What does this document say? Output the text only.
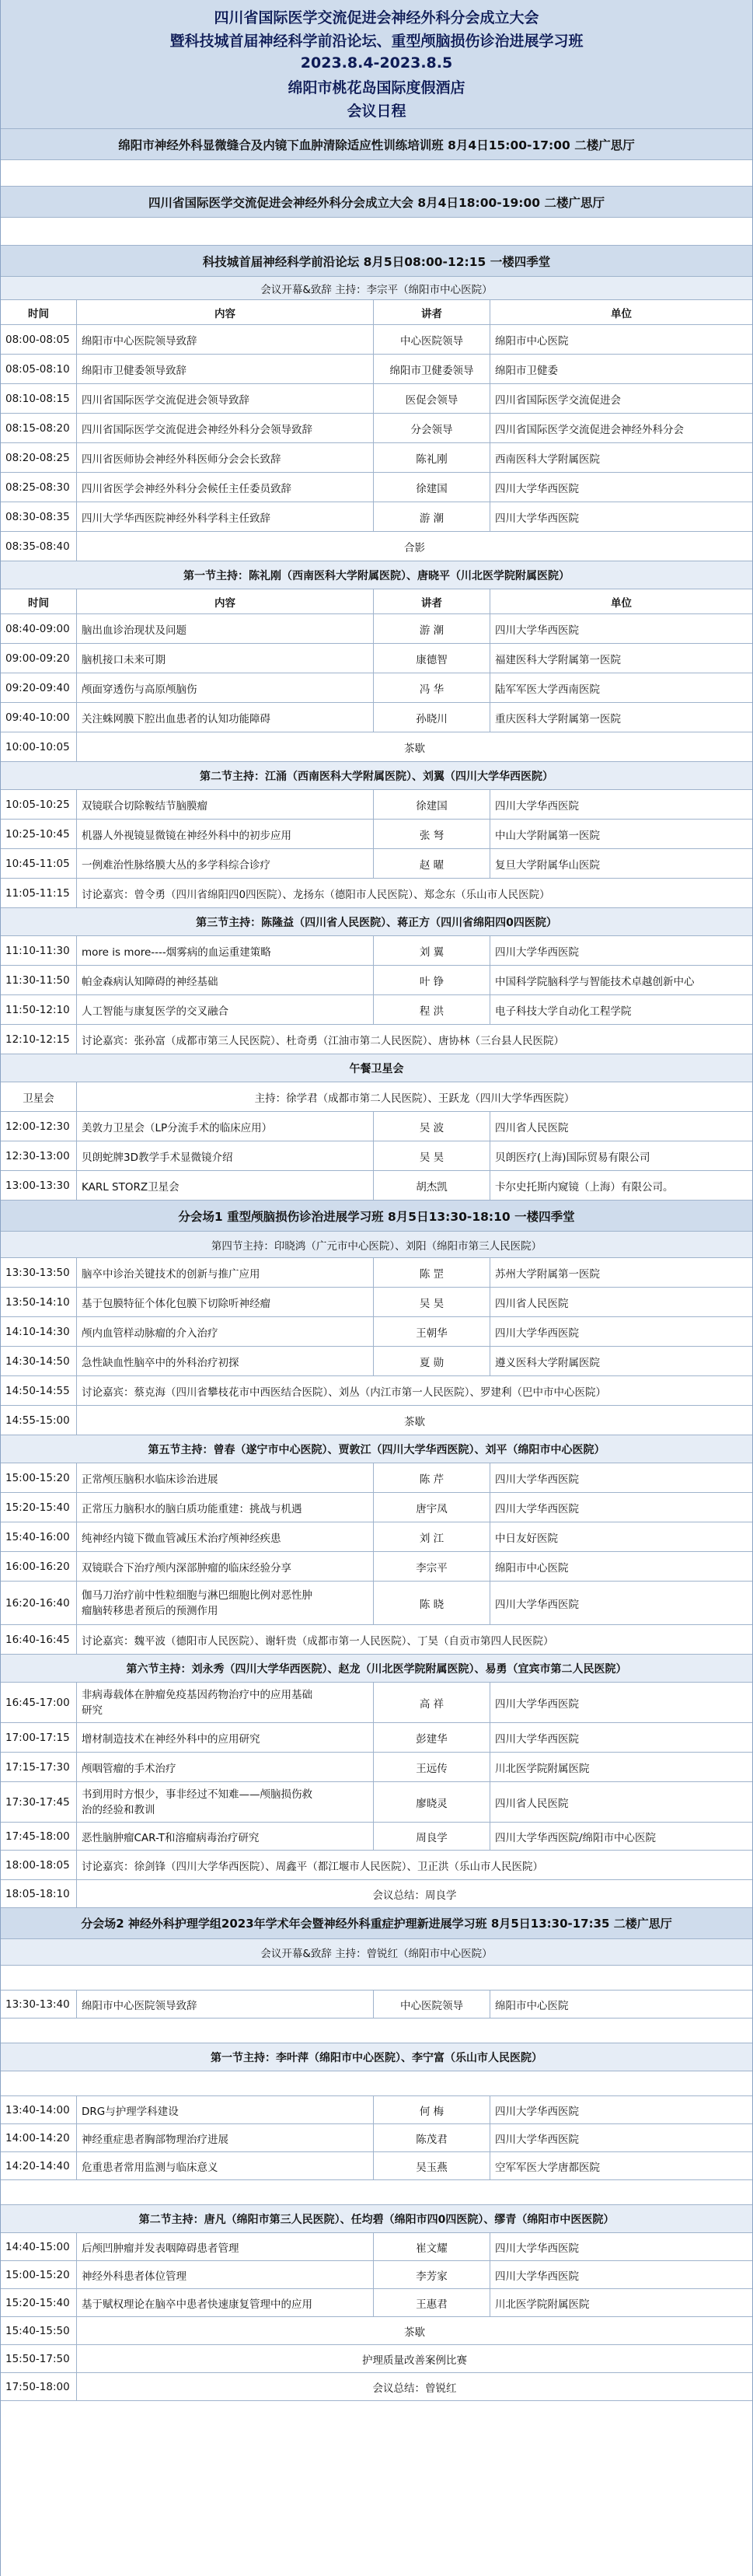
四川省国际医学交流促进会神经外科分会成立大会
暨科技城首届神经科学前沿论坛、重型颅脑损伤诊治进展学习班
2023.8.4-2023.8.5
绵阳市桃花岛国际度假酒店
会议日程
绵阳市神经外科显微缝合及内镜下血肿清除适应性训练培训班 8月4日15:00-17:00 二楼广思厅
四川省国际医学交流促进会神经外科分会成立大会 8月4日18:00-19:00 二楼广思厅
科技城首届神经科学前沿论坛 8月5日08:00-12:15 一楼四季堂
会议开幕&致辞 主持：李宗平（绵阳市中心医院）
时间	内容	讲者	单位
08:00-08:05	绵阳市中心医院领导致辞	中心医院领导	绵阳市中心医院
08:05-08:10	绵阳市卫健委领导致辞	绵阳市卫健委领导	绵阳市卫健委
08:10-08:15	四川省国际医学交流促进会领导致辞	医促会领导	四川省国际医学交流促进会
08:15-08:20	四川省国际医学交流促进会神经外科分会领导致辞	分会领导	四川省国际医学交流促进会神经外科分会
08:20-08:25	四川省医师协会神经外科医师分会会长致辞	陈礼刚	西南医科大学附属医院
08:25-08:30	四川省医学会神经外科分会候任主任委员致辞	徐建国	四川大学华西医院
08:30-08:35	四川大学华西医院神经外科学科主任致辞	游 潮	四川大学华西医院
08:35-08:40	合影
第一节主持：陈礼刚（西南医科大学附属医院）、唐晓平（川北医学院附属医院）
时间	内容	讲者	单位
08:40-09:00	脑出血诊治现状及问题	游 潮	四川大学华西医院
09:00-09:20	脑机接口未来可期	康德智	福建医科大学附属第一医院
09:20-09:40	颅面穿透伤与高原颅脑伤	冯 华	陆军军医大学西南医院
09:40-10:00	关注蛛网膜下腔出血患者的认知功能障碍	孙晓川	重庆医科大学附属第一医院
10:00-10:05	茶歇
第二节主持：江涌（西南医科大学附属医院）、刘翼（四川大学华西医院）
10:05-10:25	双镜联合切除鞍结节脑膜瘤	徐建国	四川大学华西医院
10:25-10:45	机器人外视镜显微镜在神经外科中的初步应用	张 弩	中山大学附属第一医院
10:45-11:05	一例难治性脉络膜大丛的多学科综合诊疗	赵 曜	复旦大学附属华山医院
11:05-11:15	讨论嘉宾：曾令勇（四川省绵阳四0四医院）、龙扬东（德阳市人民医院）、郑念东（乐山市人民医院）
第三节主持：陈隆益（四川省人民医院）、蒋正方（四川省绵阳四0四医院）
11:10-11:30	more is more----烟雾病的血运重建策略	刘 翼	四川大学华西医院
11:30-11:50	帕金森病认知障碍的神经基础	叶 铮	中国科学院脑科学与智能技术卓越创新中心
11:50-12:10	人工智能与康复医学的交叉融合	程 洪	电子科技大学自动化工程学院
12:10-12:15	讨论嘉宾：张孙富（成都市第三人民医院）、杜奇勇（江油市第二人民医院）、唐协林（三台县人民医院）
午餐卫星会
卫星会	主持：徐学君（成都市第二人民医院）、王跃龙（四川大学华西医院）
12:00-12:30	美敦力卫星会（LP分流手术的临床应用）	吴 波	四川省人民医院
12:30-13:00	贝朗蛇牌3D教学手术显微镜介绍	吴 昊	贝朗医疗(上海)国际贸易有限公司
13:00-13:30	KARL STORZ卫星会	胡杰凯	卡尔史托斯内窥镜（上海）有限公司。
分会场1 重型颅脑损伤诊治进展学习班 8月5日13:30-18:10 一楼四季堂
第四节主持：印晓鸿（广元市中心医院）、刘阳（绵阳市第三人民医院）
13:30-13:50	脑卒中诊治关键技术的创新与推广应用	陈 罡	苏州大学附属第一医院
13:50-14:10	基于包膜特征个体化包膜下切除听神经瘤	吴 昊	四川省人民医院
14:10-14:30	颅内血管样动脉瘤的介入治疗	王朝华	四川大学华西医院
14:30-14:50	急性缺血性脑卒中的外科治疗初探	夏 勋	遵义医科大学附属医院
14:50-14:55	讨论嘉宾：蔡克海（四川省攀枝花市中西医结合医院）、刘丛（内江市第一人民医院）、罗建利（巴中市中心医院）
14:55-15:00	茶歇
第五节主持：曾春（遂宁市中心医院）、贾敦江（四川大学华西医院）、刘平（绵阳市中心医院）
15:00-15:20	正常颅压脑积水临床诊治进展	陈 芹	四川大学华西医院
15:20-15:40	正常压力脑积水的脑白质功能重建：挑战与机遇	唐宇凤	四川大学华西医院
15:40-16:00	纯神经内镜下微血管减压术治疗颅神经疾患	刘 江	中日友好医院
16:00-16:20	双镜联合下治疗颅内深部肿瘤的临床经验分享	李宗平	绵阳市中心医院
16:20-16:40
伽马刀治疗前中性粒细胞与淋巴细胞比例对恶性肿
瘤脑转移患者预后的预测作用	陈 晓	四川大学华西医院
16:40-16:45	讨论嘉宾：魏平波（德阳市人民医院）、谢轩贵（成都市第一人民医院）、丁昊（自贡市第四人民医院）
第六节主持：刘永秀（四川大学华西医院）、赵龙（川北医学院附属医院）、易勇（宜宾市第二人民医院）
16:45-17:00
非病毒载体在肿瘤免疫基因药物治疗中的应用基础
研究	高 祥	四川大学华西医院
17:00-17:15	增材制造技术在神经外科中的应用研究	彭建华	四川大学华西医院
17:15-17:30	颅咽管瘤的手术治疗	王远传	川北医学院附属医院
17:30-17:45
书到用时方恨少，事非经过不知难——颅脑损伤救
治的经验和教训	廖晓灵	四川省人民医院
17:45-18:00	恶性脑肿瘤CAR-T和溶瘤病毒治疗研究	周良学	四川大学华西医院/绵阳市中心医院
18:00-18:05	讨论嘉宾：徐剑锋（四川大学华西医院）、周鑫平（都江堰市人民医院）、卫正洪（乐山市人民医院）
18:05-18:10	会议总结：周良学
分会场2 神经外科护理学组2023年学术年会暨神经外科重症护理新进展学习班 8月5日13:30-17:35 二楼广思厅
会议开幕&致辞 主持：曾锐红（绵阳市中心医院）
13:30-13:40	绵阳市中心医院领导致辞	中心医院领导	绵阳市中心医院
第一节主持：李叶萍（绵阳市中心医院）、李宁富（乐山市人民医院）
13:40-14:00	DRG与护理学科建设	何 梅	四川大学华西医院
14:00-14:20	神经重症患者胸部物理治疗进展	陈茂君	四川大学华西医院
14:20-14:40	危重患者常用监测与临床意义	吴玉燕	空军军医大学唐都医院
第二节主持：唐凡（绵阳市第三人民医院）、任均碧（绵阳市四0四医院）、缪青（绵阳市中医医院）
14:40-15:00	后颅凹肿瘤并发表咽障碍患者管理	崔文耀	四川大学华西医院
15:00-15:20	神经外科患者体位管理	李芳家	四川大学华西医院
15:20-15:40	基于赋权理论在脑卒中患者快速康复管理中的应用	王惠君	川北医学院附属医院
15:40-15:50	茶歇
15:50-17:50	护理质量改善案例比赛
17:50-18:00	会议总结：曾锐红
